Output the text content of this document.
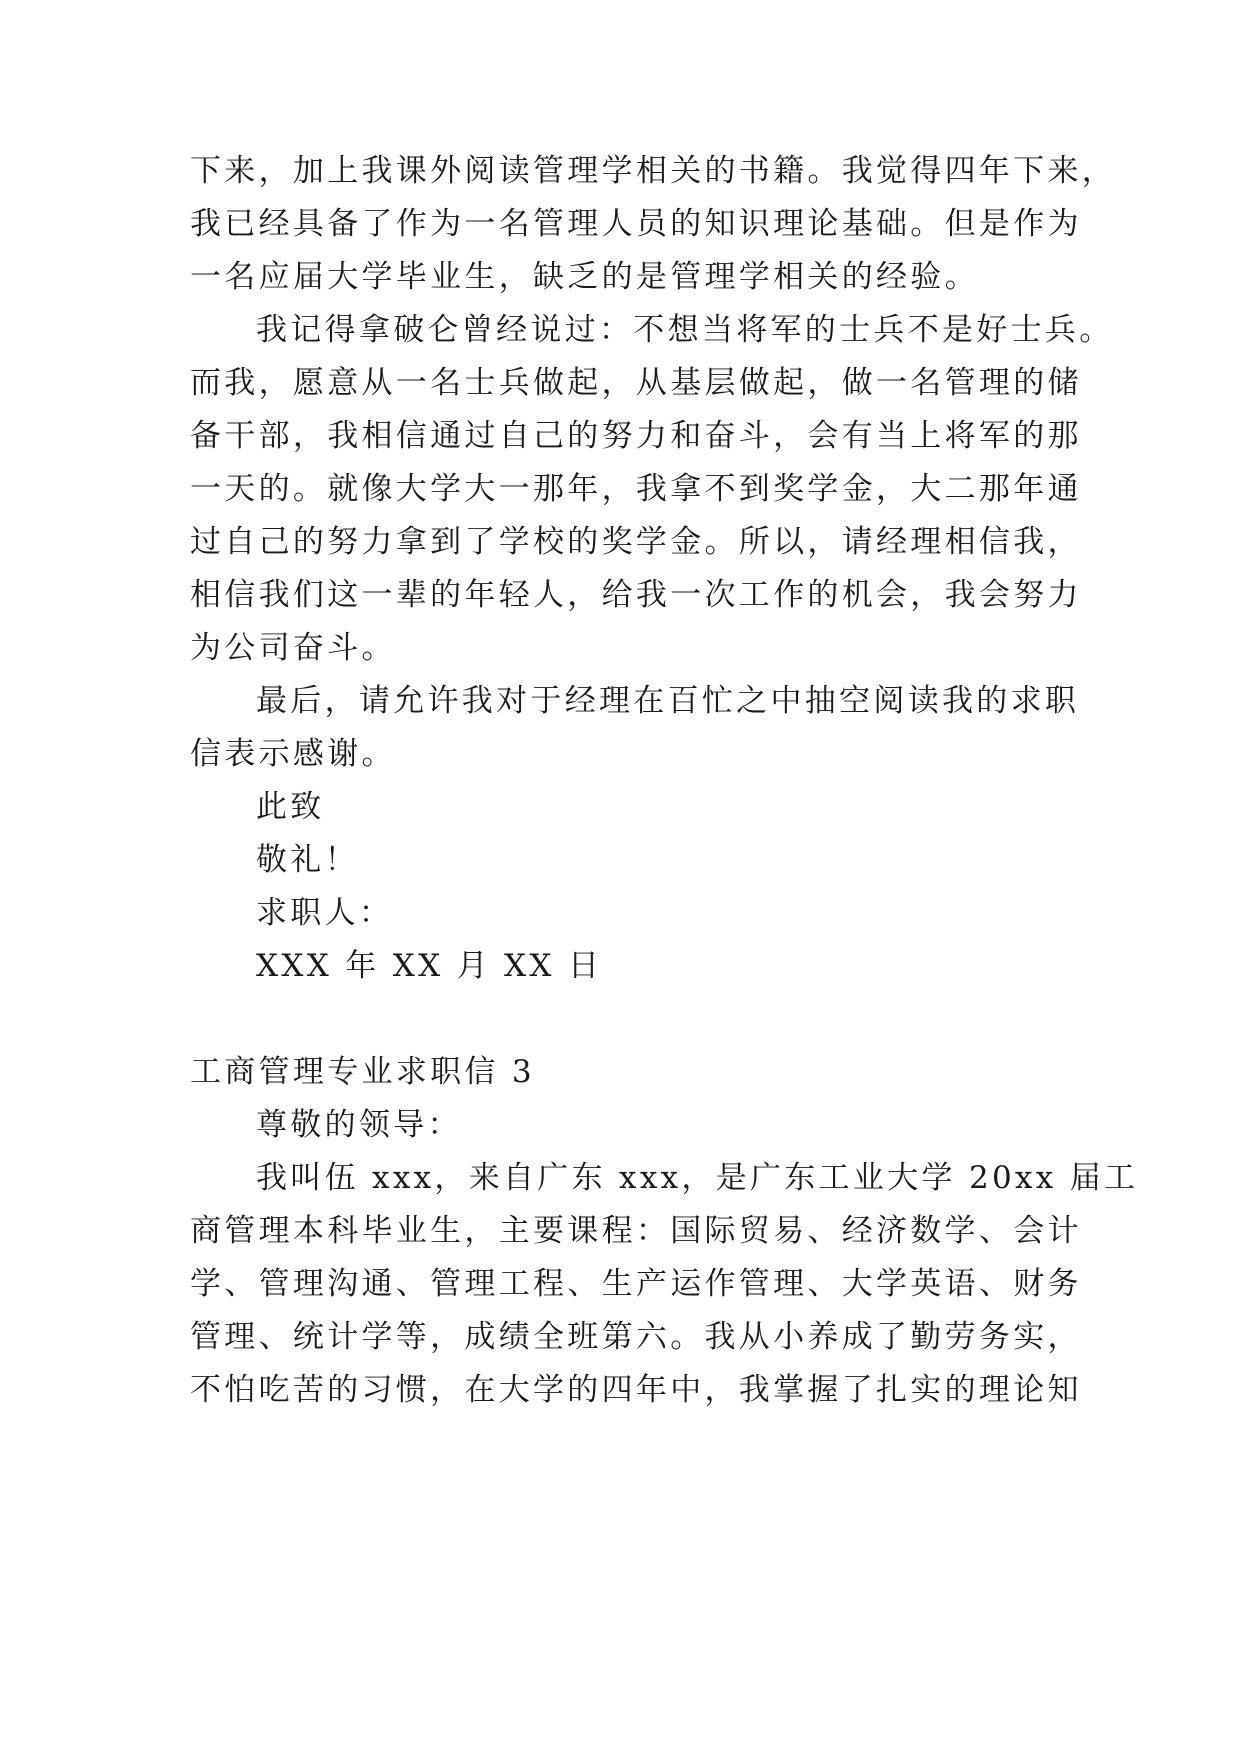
下来，加上我课外阅读管理学相关的书籍。我觉得四年下来，
我已经具备了作为一名管理人员的知识理论基础。但是作为
一名应届大学毕业生，缺乏的是管理学相关的经验。
我记得拿破仑曾经说过：不想当将军的士兵不是好士兵。
而我，愿意从一名士兵做起，从基层做起，做一名管理的储
备干部，我相信通过自己的努力和奋斗，会有当上将军的那
一天的。就像大学大一那年，我拿不到奖学金，大二那年通
过自己的努力拿到了学校的奖学金。所以，请经理相信我，
相信我们这一辈的年轻人，给我一次工作的机会，我会努力
为公司奋斗。
最后，请允许我对于经理在百忙之中抽空阅读我的求职
信表示感谢。
此致
敬礼！
求职人：
XXX 年 XX 月 XX 日
工商管理专业求职信 3
尊敬的领导：
我叫伍 xxx，来自广东 xxx，是广东工业大学 20xx 届工
商管理本科毕业生，主要课程：国际贸易、经济数学、会计
学、管理沟通、管理工程、生产运作管理、大学英语、财务
管理、统计学等，成绩全班第六。我从小养成了勤劳务实，
不怕吃苦的习惯，在大学的四年中，我掌握了扎实的理论知
